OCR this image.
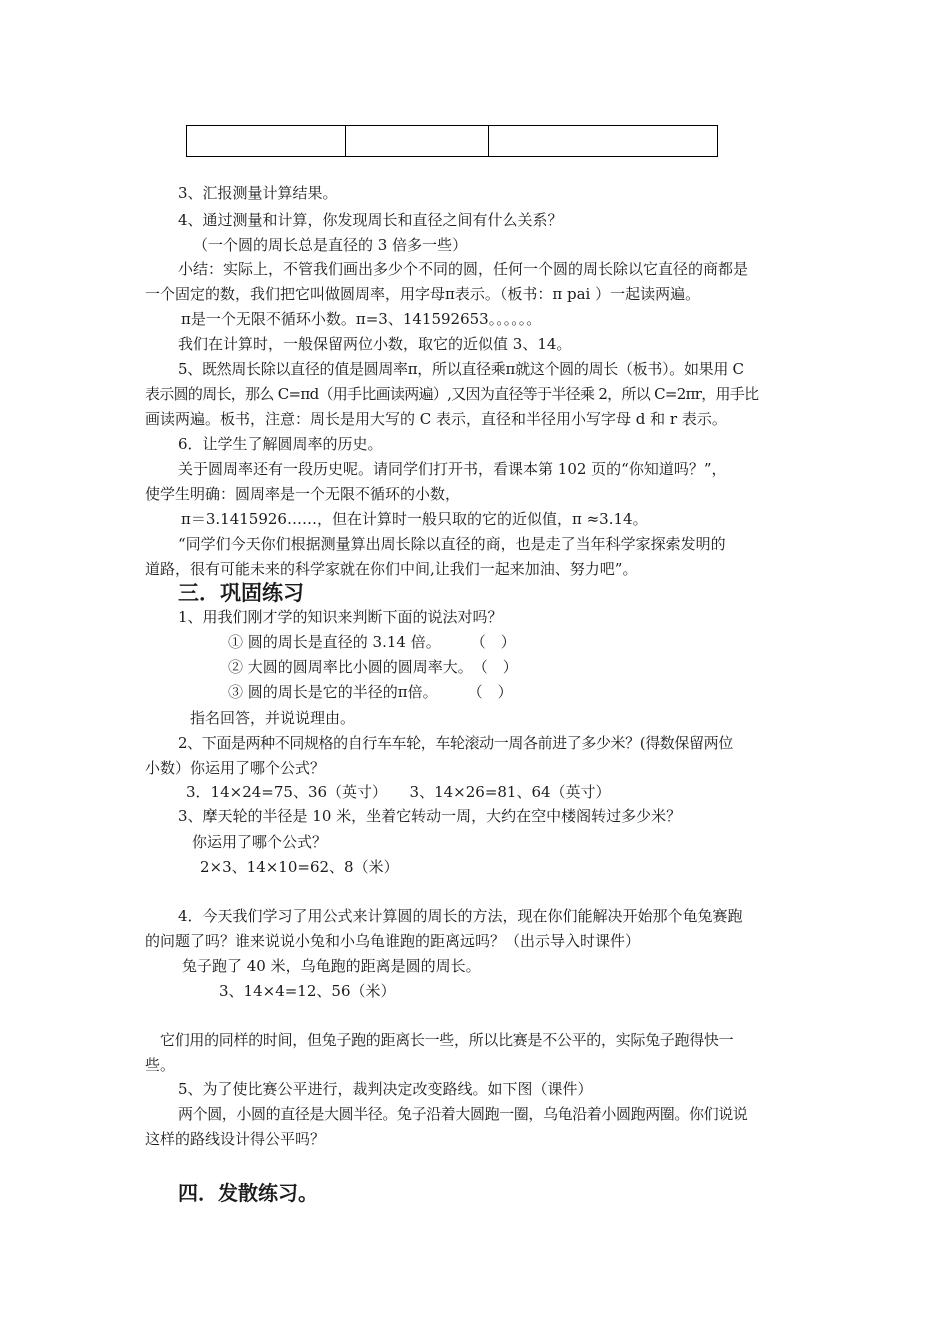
3、汇报测量计算结果。
4、通过测量和计算，你发现周长和直径之间有什么关系？
（一个圆的周长总是直径的 3 倍多一些）
小结：实际上，不管我们画出多少个不同的圆，任何一个圆的周长除以它直径的商都是
一个固定的数，我们把它叫做圆周率，用字母π表示。（板书：π pai ）一起读两遍。
π是一个无限不循环小数。π=3、141592653。。。。。。
我们在计算时，一般保留两位小数，取它的近似值 3、14。
5、既然周长除以直径的值是圆周率π，所以直径乘π就这个圆的周长（板书）。如果用 C
表示圆的周长，那么 C=πd（用手比画读两遍）,又因为直径等于半径乘 2，所以 C=2πr，用手比
画读两遍。板书，注意：周长是用大写的 C 表示，直径和半径用小写字母 d 和 r 表示。
6．让学生了解圆周率的历史。
关于圆周率还有一段历史呢。请同学们打开书，看课本第 102 页的“你知道吗？”，
使学生明确：圆周率是一个无限不循环的小数，
π＝3.1415926……，但在计算时一般只取的它的近似值，π ≈3.14。
“同学们今天你们根据测量算出周长除以直径的商，也是走了当年科学家探索发明的
道路，很有可能未来的科学家就在你们中间,让我们一起来加油、努力吧”。
三．巩固练习
1、用我们刚才学的知识来判断下面的说法对吗？
① 圆的周长是直径的 3.14 倍。　　　（　）
② 大圆的圆周率比小圆的圆周率大。　（　）
③ 圆的周长是它的半径的π倍。　　　（　）
指名回答，并说说理由。
2、下面是两种不同规格的自行车车轮，车轮滚动一周各前进了多少米？(得数保留两位
小数）你运用了哪个公式？
3．14×24=75、36（英寸）　　3、14×26=81、64（英寸）
3、摩天轮的半径是 10 米，坐着它转动一周，大约在空中楼阁转过多少米？
你运用了哪个公式？
2×3、14×10=62、8（米）
4．今天我们学习了用公式来计算圆的周长的方法，现在你们能解决开始那个龟兔赛跑
的问题了吗？谁来说说小兔和小乌龟谁跑的距离远吗？（出示导入时课件）
兔子跑了 40 米，乌龟跑的距离是圆的周长。
3、14×4=12、56（米）
它们用的同样的时间，但兔子跑的距离长一些，所以比赛是不公平的，实际兔子跑得快一
些。
5、为了使比赛公平进行，裁判决定改变路线。如下图（课件）
两个圆，小圆的直径是大圆半径。兔子沿着大圆跑一圈，乌龟沿着小圆跑两圈。你们说说
这样的路线设计得公平吗？
四．发散练习。
